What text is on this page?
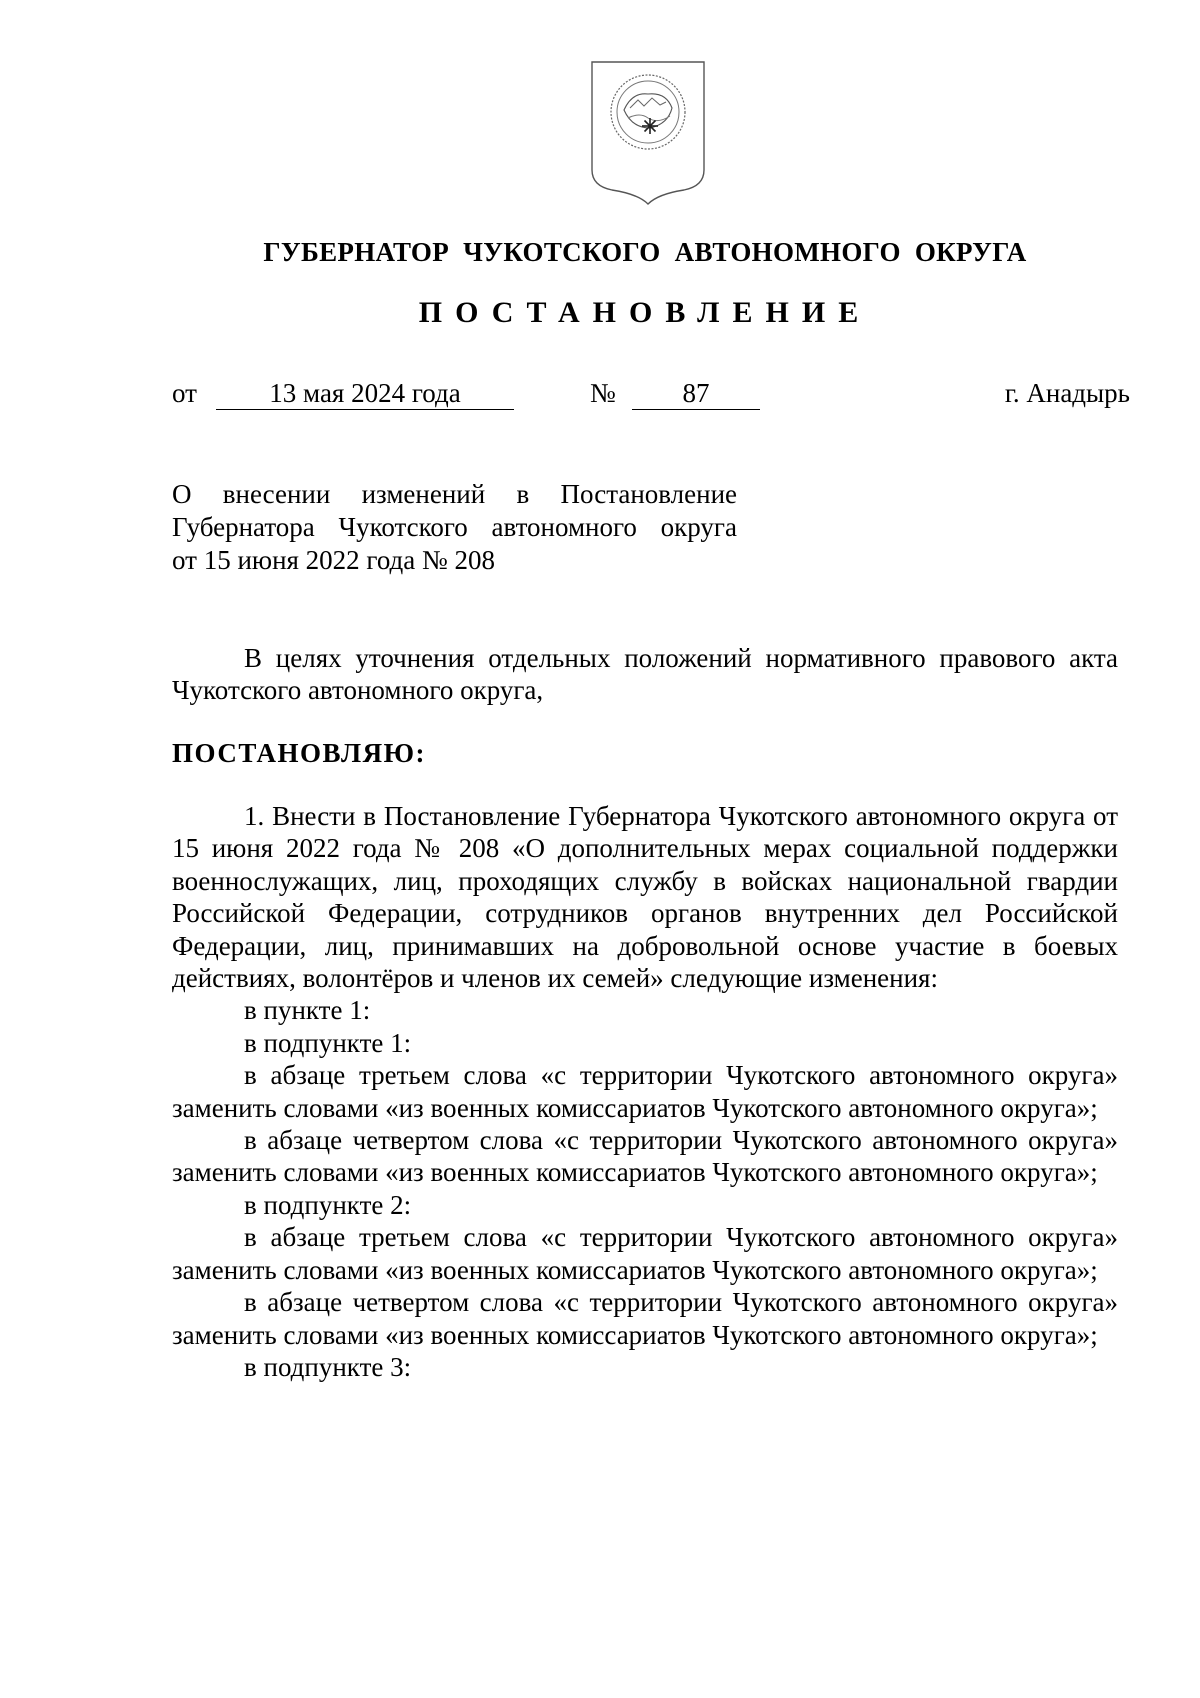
ГУБЕРНАТОР  ЧУКОТСКОГО  АВТОНОМНОГО  ОКРУГА
ПОСТАНОВЛЕНИЕ
от	13 мая 2024 года	№	87	г. Анадырь
О внесении изменений в Постановление
Губернатора Чукотского автономного округа
от 15 июня 2022 года № 208

В целях уточнения отдельных положений нормативного правового акта Чукотского автономного округа,

ПОСТАНОВЛЯЮ:

1. Внести в Постановление Губернатора Чукотского автономного округа от 15 июня 2022 года № 208 «О дополнительных мерах социальной поддержки военнослужащих, лиц, проходящих службу в войсках национальной гвардии Российской Федерации, сотрудников органов внутренних дел Российской Федерации, лиц, принимавших на добровольной основе участие в боевых действиях, волонтёров и членов их семей» следующие изменения:

в пункте 1:

в подпункте 1:

в абзаце третьем слова «с территории Чукотского автономного округа» заменить словами «из военных комиссариатов Чукотского автономного округа»;

в абзаце четвертом слова «с территории Чукотского автономного округа» заменить словами «из военных комиссариатов Чукотского автономного округа»;

в подпункте 2:

в абзаце третьем слова «с территории Чукотского автономного округа» заменить словами «из военных комиссариатов Чукотского автономного округа»;

в абзаце четвертом слова «с территории Чукотского автономного округа» заменить словами «из военных комиссариатов Чукотского автономного округа»;

в подпункте 3:
